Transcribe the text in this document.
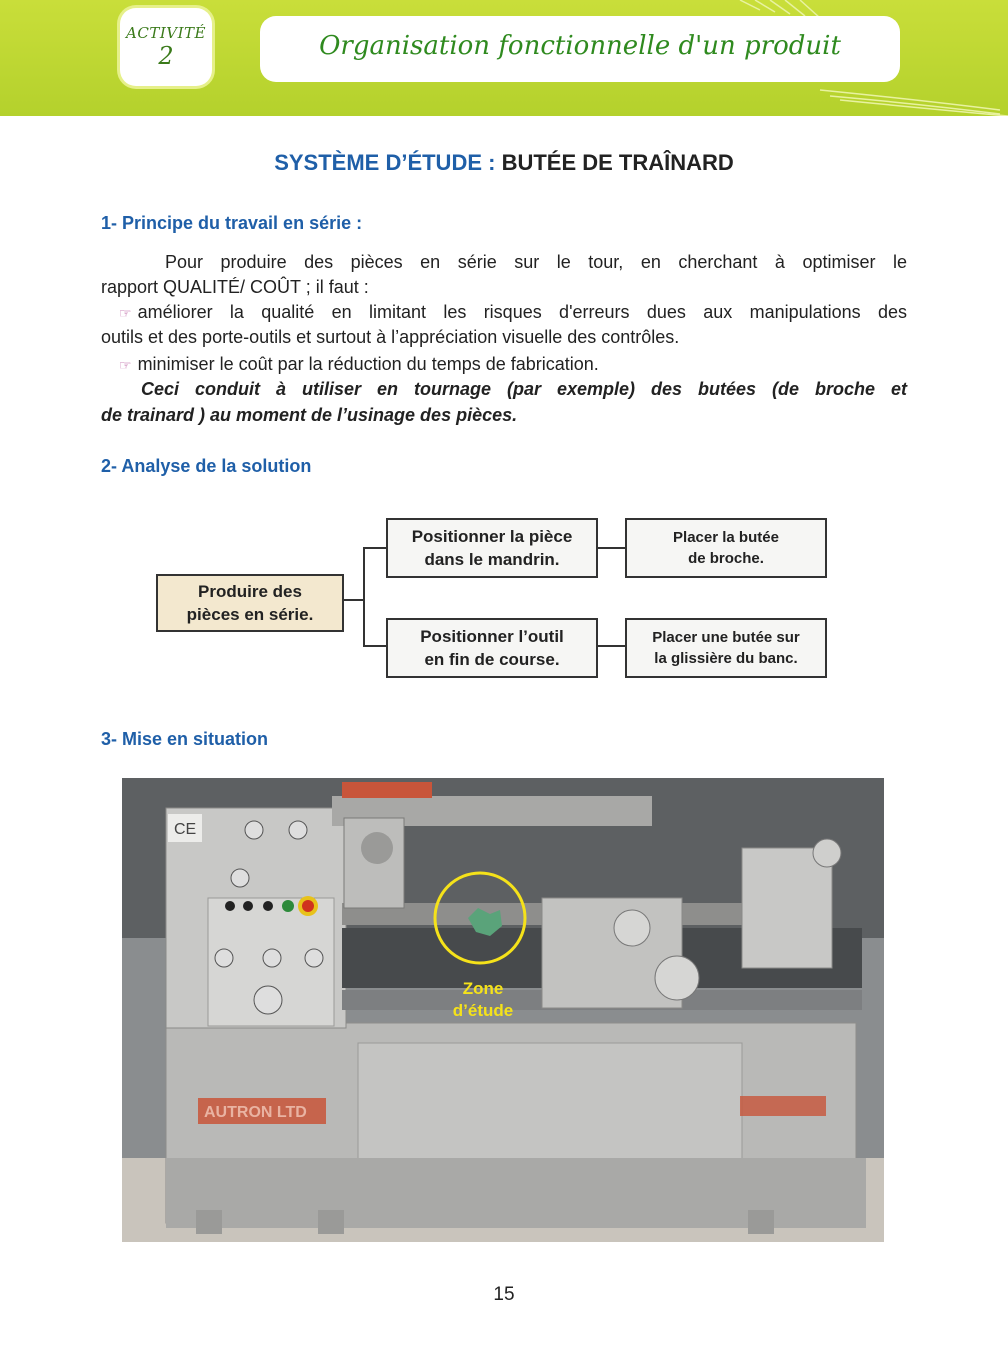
ACTIVITÉ
2	Organisation fonctionnelle d'un produit
SYSTÈME D’ÉTUDE : BUTÉE DE TRAÎNARD
1- Principe du travail en série :
Pour produire des pièces en série sur le tour, en cherchant à optimiser le
rapport QUALITÉ/ COÛT ; il faut :
☞ améliorer la qualité en limitant les risques d'erreurs dues aux manipulations des
outils et des porte-outils et surtout à l’appréciation visuelle des contrôles.
☞ minimiser le coût par la réduction du temps de fabrication.
Ceci conduit à utiliser en tournage (par exemple) des butées (de broche et
de trainard ) au moment de l’usinage des pièces.
2- Analyse de la solution
Produire des
pièces en série.
Positionner la pièce
dans le mandrin.
Placer la butée
de broche.
Positionner l’outil
en fin de course.
Placer une butée sur
la glissière du banc.
3- Mise en situation
CE
AUTRON LTD
Zone
d’étude
15
